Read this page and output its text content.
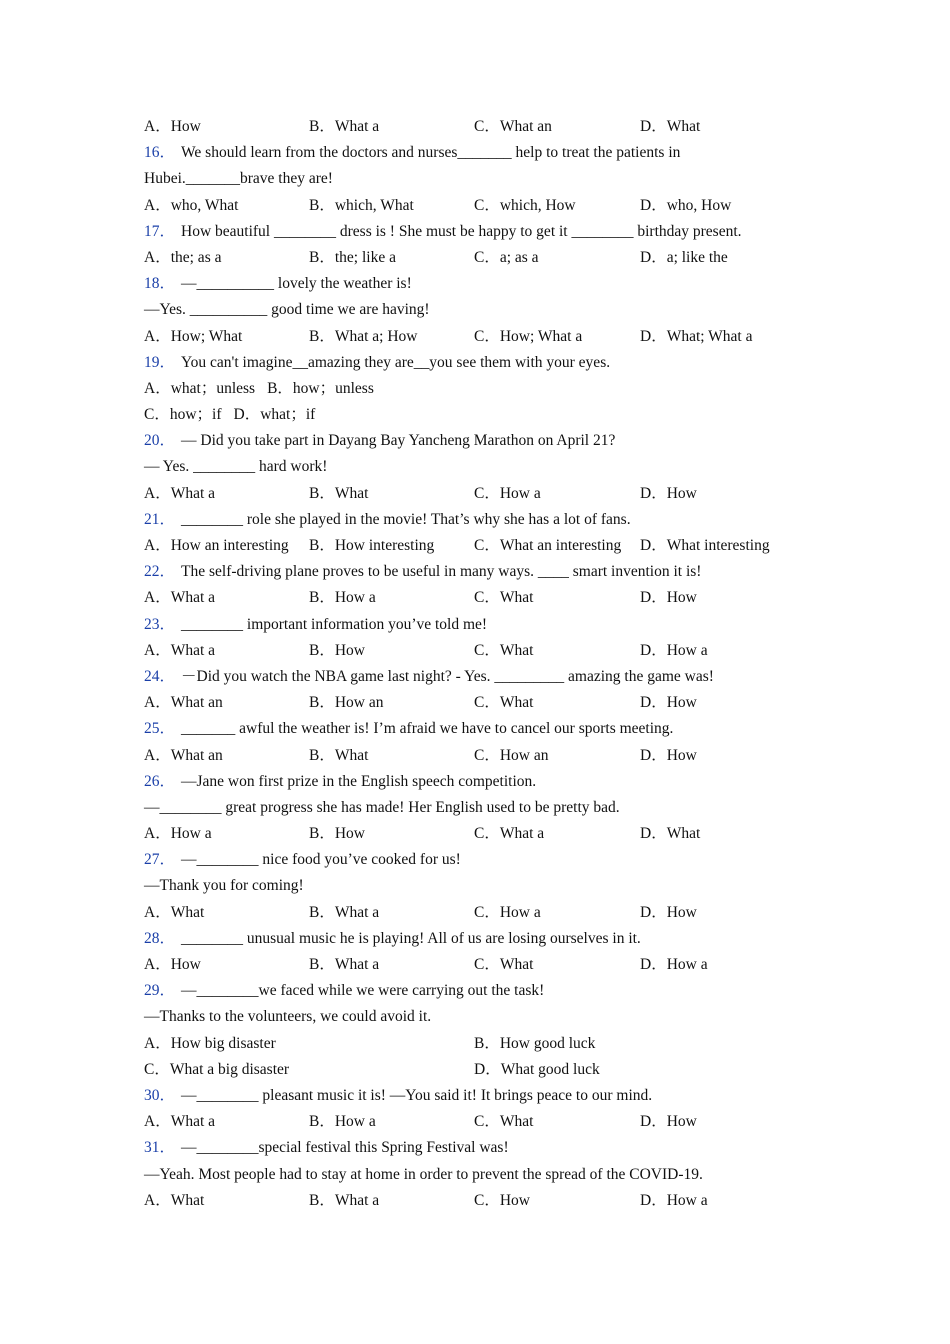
A．How	B．What a	C．What an	D．What
16． We should learn from the doctors and nurses_______ help to treat the patients in
Hubei._______brave they are!
A．who, What	B．which, What	C．which, How	D．who, How
17． How beautiful ________ dress is ! She must be happy to get it ________ birthday present.
A．the; as a	B．the; like a	C．a; as a	D．a; like the
18． —__________ lovely the weather is!
—Yes. __________ good time we are having!
A．How; What	B．What a; How	C．How; What a	D．What; What a
19． You can't imagine__amazing they are__you see them with your eyes.
A．what；unless B．how；unless
C．how；if D．what；if
20． — Did you take part in Dayang Bay Yancheng Marathon on April 21?
— Yes. ________ hard work!
A．What a	B．What	C．How a	D．How
21． ________ role she played in the movie! That’s why she has a lot of fans.
A．How an interesting B．How interesting	C．What an interesting D．What interesting
22． The self-driving plane proves to be useful in many ways. ____ smart invention it is!
A．What a	B．How a	C．What	D．How
23． ________ important information you’ve told me!
A．What a	B．How	C．What	D．How a
24． －Did you watch the NBA game last night? - Yes. _________ amazing the game was!
A．What an	B．How an	C．What	D．How
25． _______ awful the weather is! I’m afraid we have to cancel our sports meeting.
A．What an	B．What	C．How an	D．How
26． —Jane won first prize in the English speech competition.
—________ great progress she has made! Her English used to be pretty bad.
A．How a	B．How	C．What a	D．What
27． —________ nice food you’ve cooked for us!
—Thank you for coming!
A．What	B．What a	C．How a	D．How
28． ________ unusual music he is playing! All of us are losing ourselves in it.
A．How	B．What a	C．What	D．How a
29． —________we faced while we were carrying out the task!
—Thanks to the volunteers, we could avoid it.
A．How big disaster	B．How good luck
C．What a big disaster	D．What good luck
30． —________ pleasant music it is! —You said it! It brings peace to our mind.
A．What a	B．How a	C．What	D．How
31． —________special festival this Spring Festival was!
—Yeah. Most people had to stay at home in order to prevent the spread of the COVID-19.
A．What	B．What a	C．How	D．How a
